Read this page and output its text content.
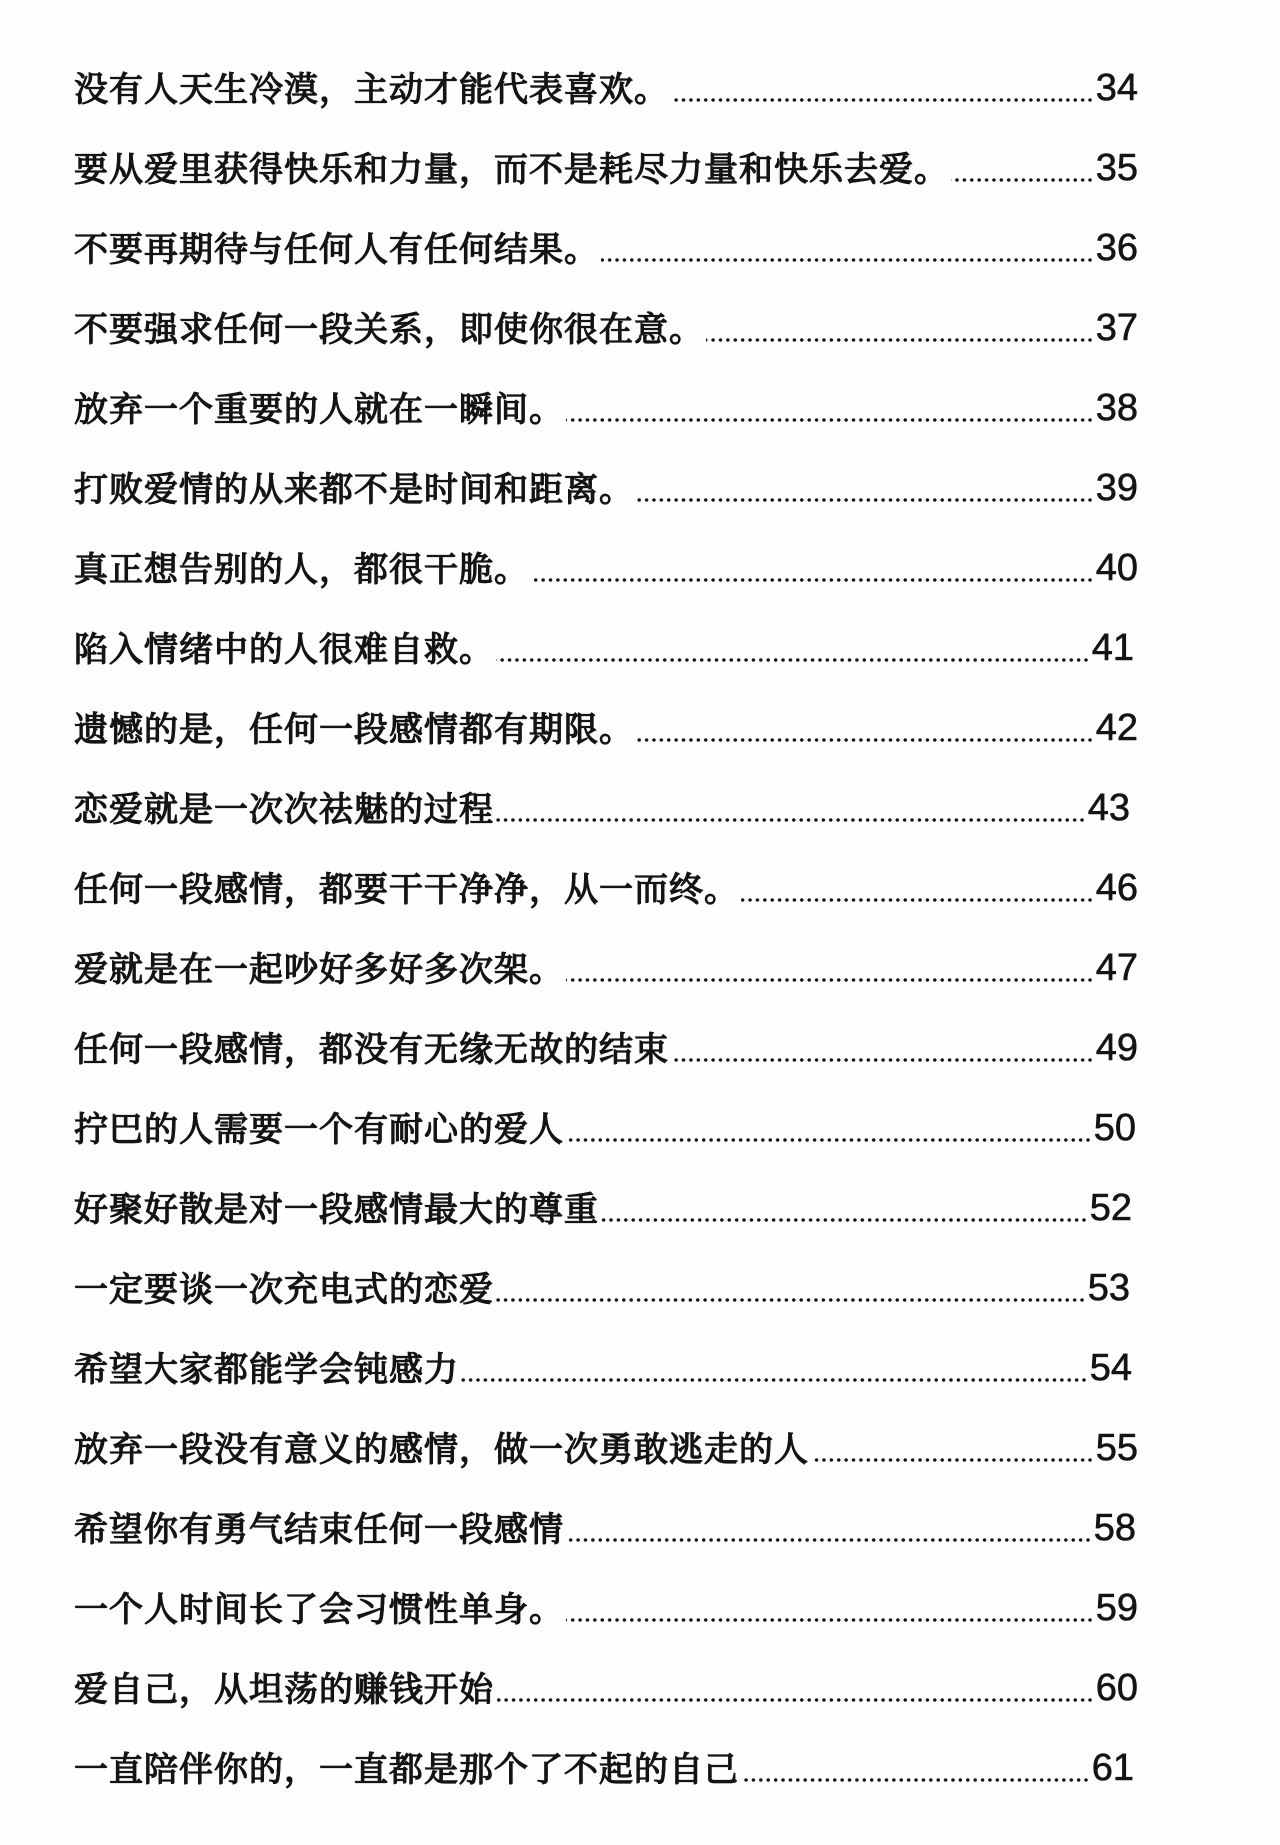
没有人天生冷漠，主动才能代表喜欢。	34
要从爱里获得快乐和力量，而不是耗尽力量和快乐去爱。	35
不要再期待与任何人有任何结果。	36
不要强求任何一段关系，即使你很在意。	37
放弃一个重要的人就在一瞬间。	38
打败爱情的从来都不是时间和距离。	39
真正想告别的人，都很干脆。	40
陷入情绪中的人很难自救。	41
遗憾的是，任何一段感情都有期限。	42
恋爱就是一次次祛魅的过程	43
任何一段感情，都要干干净净，从一而终。	46
爱就是在一起吵好多好多次架。	47
任何一段感情，都没有无缘无故的结束	49
拧巴的人需要一个有耐心的爱人	50
好聚好散是对一段感情最大的尊重	52
一定要谈一次充电式的恋爱	53
希望大家都能学会钝感力	54
放弃一段没有意义的感情，做一次勇敢逃走的人	55
希望你有勇气结束任何一段感情	58
一个人时间长了会习惯性单身。	59
爱自己，从坦荡的赚钱开始	60
一直陪伴你的，一直都是那个了不起的自己	61
